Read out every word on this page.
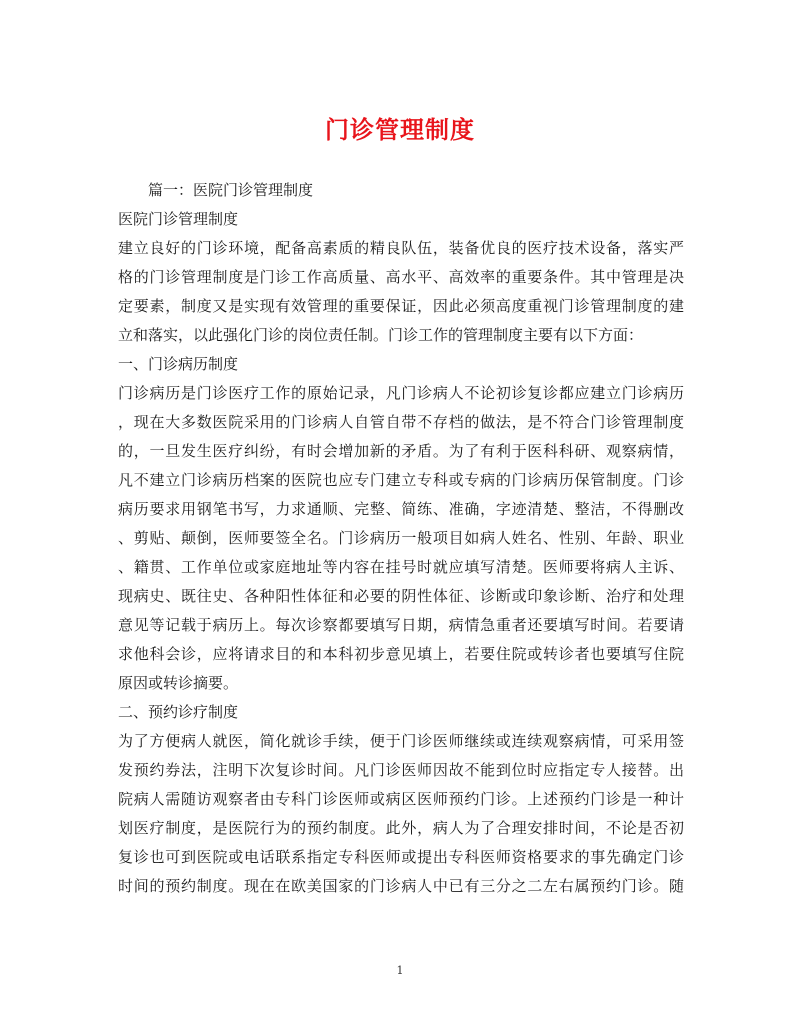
门诊管理制度

篇一：医院门诊管理制度

医院门诊管理制度

建立良好的门诊环境，配备高素质的精良队伍，装备优良的医疗技术设备，落实严

格的门诊管理制度是门诊工作高质量、高水平、高效率的重要条件。其中管理是决

定要素，制度又是实现有效管理的重要保证，因此必须高度重视门诊管理制度的建

立和落实，以此强化门诊的岗位责任制。门诊工作的管理制度主要有以下方面：

一、门诊病历制度

门诊病历是门诊医疗工作的原始记录，凡门诊病人不论初诊复诊都应建立门诊病历

，现在大多数医院采用的门诊病人自管自带不存档的做法，是不符合门诊管理制度

的，一旦发生医疗纠纷，有时会增加新的矛盾。为了有利于医科科研、观察病情，

凡不建立门诊病历档案的医院也应专门建立专科或专病的门诊病历保管制度。门诊

病历要求用钢笔书写，力求通顺、完整、简练、准确，字迹清楚、整洁，不得删改

、剪贴、颠倒，医师要签全名。门诊病历一般项目如病人姓名、性别、年龄、职业

、籍贯、工作单位或家庭地址等内容在挂号时就应填写清楚。医师要将病人主诉、

现病史、既往史、各种阳性体征和必要的阴性体征、诊断或印象诊断、治疗和处理

意见等记载于病历上。每次诊察都要填写日期，病情急重者还要填写时间。若要请

求他科会诊，应将请求目的和本科初步意见填上，若要住院或转诊者也要填写住院

原因或转诊摘要。

二、预约诊疗制度

为了方便病人就医，简化就诊手续，便于门诊医师继续或连续观察病情，可采用签

发预约券法，注明下次复诊时间。凡门诊医师因故不能到位时应指定专人接替。出

院病人需随访观察者由专科门诊医师或病区医师预约门诊。上述预约门诊是一种计

划医疗制度，是医院行为的预约制度。此外，病人为了合理安排时间，不论是否初

复诊也可到医院或电话联系指定专科医师或提出专科医师资格要求的事先确定门诊

时间的预约制度。现在在欧美国家的门诊病人中已有三分之二左右属预约门诊。随

1
